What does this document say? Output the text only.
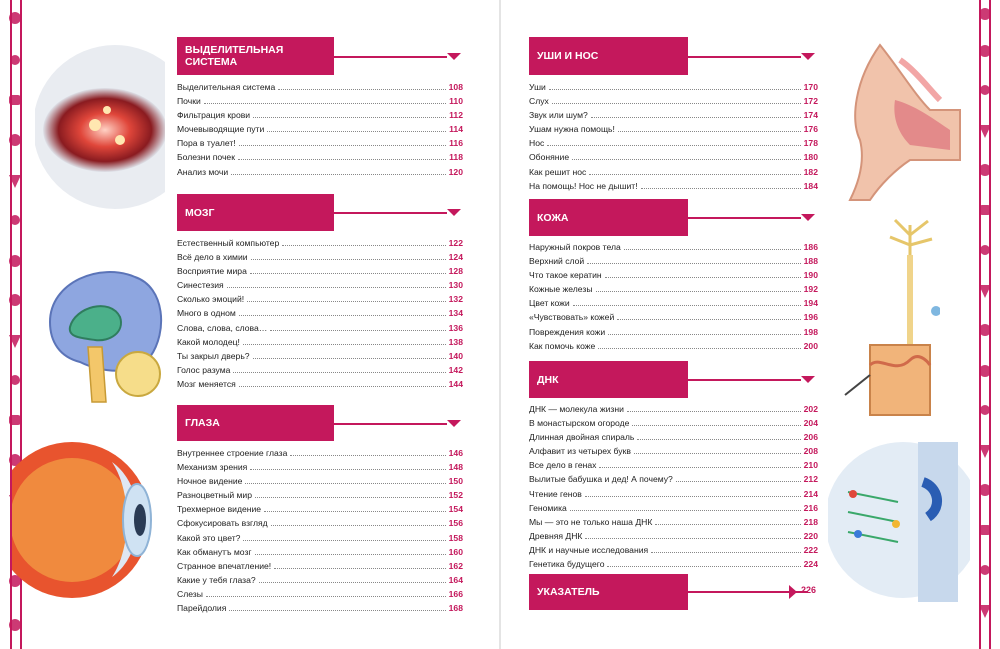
ВЫДЕЛИТЕЛЬНАЯ СИСТЕМА
Выделительная система	108
Почки	110
Фильтрация крови	112
Мочевыводящие пути	114
Пора в туалет!	116
Болезни почек	118
Анализ мочи	120
МОЗГ
Естественный компьютер	122
Всё дело в химии	124
Восприятие мира	128
Синестезия	130
Сколько эмоций!	132
Много в одном	134
Слова, слова, слова…	136
Какой молодец!	138
Ты закрыл дверь?	140
Голос разума	142
Мозг меняется	144
ГЛАЗА
Внутреннее строение глаза	146
Механизм зрения	148
Ночное видение	150
Разноцветный мир	152
Трехмерное видение	154
Сфокусировать взгляд	156
Какой это цвет?	158
Как обманутъ мозг	160
Странное впечатление!	162
Какие у тебя глаза?	164
Слезы	166
Парейдолия	168
УШИ И НОС
Уши	170
Слух	172
Звук или шум?	174
Ушам нужна помощь!	176
Нос	178
Обоняние	180
Как решит нос	182
На помощь! Нос не дышит!	184
КОЖА
Наружный покров тела	186
Верхний слой	188
Что такое кератин	190
Кожные железы	192
Цвет кожи	194
«Чувствовать» кожей	196
Повреждения кожи	198
Как помочь коже	200
ДНК
ДНК — молекула жизни	202
В монастырском огороде	204
Длинная двойная спираль	206
Алфавит из четырех букв	208
Все дело в генах	210
Вылитые бабушка и дед! А почему?	212
Чтение генов	214
Геномика	216
Мы — это не только наша ДНК	218
Древняя ДНК	220
ДНК и научные исследования	222
Генетика будущего	224
УКАЗАТЕЛЬ	226
